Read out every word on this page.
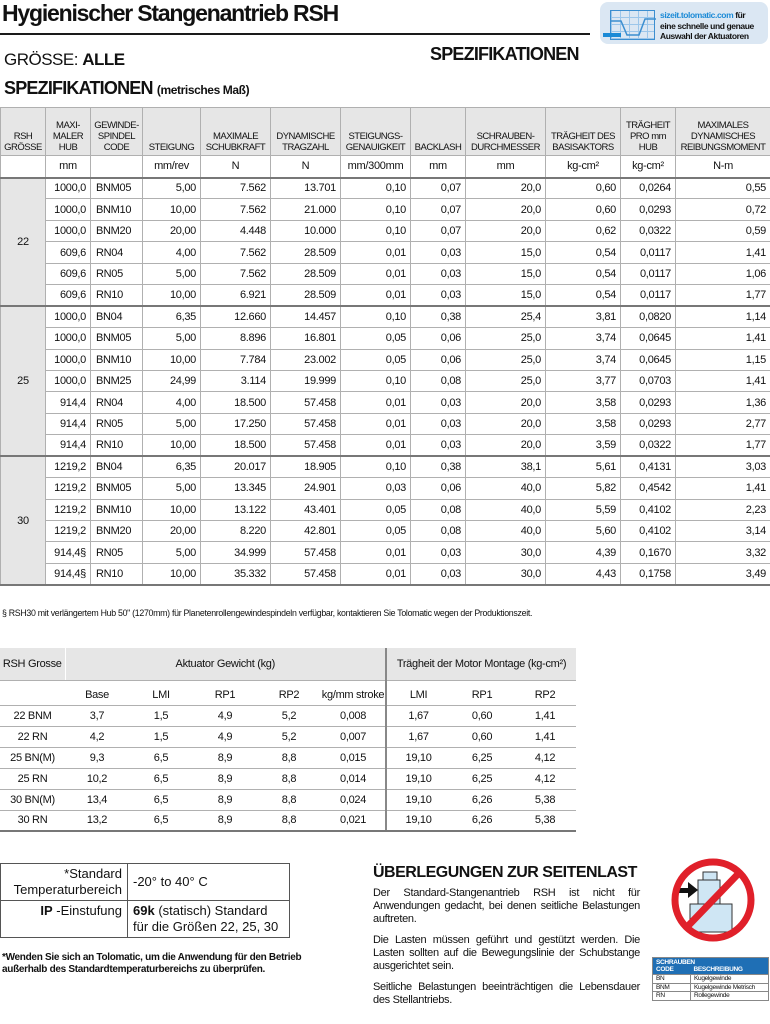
Hygienischer Stangenantrieb RSH	sizeit.tolomatic.com für
eine schnelle und genaue
Auswahl der Aktuatoren
GRÖSSE: ALLE	SPEZIFIKATIONEN
SPEZIFIKATIONEN (metrisches Maß)
RSH GRÖSSE	MAXI-MALER HUB	GEWINDE-SPINDEL CODE	STEIGUNG	MAXIMALE SCHUBKRAFT	DYNAMISCHE TRAGZAHL	STEIGUNGS-GENAUIGKEIT	BACKLASH	SCHRAUBEN-DURCHMESSER	TRÄGHEIT DES BASISAKTORS	TRÄGHEIT PRO mm HUB	MAXIMALES DYNAMISCHES REIBUNGSMOMENT
	mm		mm/rev	N	N	mm/300mm	mm	mm	kg-cm²	kg-cm²	N-m
22	1000,0	BNM05	5,00	7.562	13.701	0,10	0,07	20,0	0,60	0,0264	0,55
	1000,0	BNM10	10,00	7.562	21.000	0,10	0,07	20,0	0,60	0,0293	0,72
	1000,0	BNM20	20,00	4.448	10.000	0,10	0,07	20,0	0,62	0,0322	0,59
	609,6	RN04	4,00	7.562	28.509	0,01	0,03	15,0	0,54	0,0117	1,41
	609,6	RN05	5,00	7.562	28.509	0,01	0,03	15,0	0,54	0,0117	1,06
	609,6	RN10	10,00	6.921	28.509	0,01	0,03	15,0	0,54	0,0117	1,77
25	1000,0	BN04	6,35	12.660	14.457	0,10	0,38	25,4	3,81	0,0820	1,14
	1000,0	BNM05	5,00	8.896	16.801	0,05	0,06	25,0	3,74	0,0645	1,41
	1000,0	BNM10	10,00	7.784	23.002	0,05	0,06	25,0	3,74	0,0645	1,15
	1000,0	BNM25	24,99	3.114	19.999	0,10	0,08	25,0	3,77	0,0703	1,41
	914,4	RN04	4,00	18.500	57.458	0,01	0,03	20,0	3,58	0,0293	1,36
	914,4	RN05	5,00	17.250	57.458	0,01	0,03	20,0	3,58	0,0293	2,77
	914,4	RN10	10,00	18.500	57.458	0,01	0,03	20,0	3,59	0,0322	1,77
30	1219,2	BN04	6,35	20.017	18.905	0,10	0,38	38,1	5,61	0,4131	3,03
	1219,2	BNM05	5,00	13.345	24.901	0,03	0,06	40,0	5,82	0,4542	1,41
	1219,2	BNM10	10,00	13.122	43.401	0,05	0,08	40,0	5,59	0,4102	2,23
	1219,2	BNM20	20,00	8.220	42.801	0,05	0,08	40,0	5,60	0,4102	3,14
	914,4§	RN05	5,00	34.999	57.458	0,01	0,03	30,0	4,39	0,1670	3,32
	914,4§	RN10	10,00	35.332	57.458	0,01	0,03	30,0	4,43	0,1758	3,49
§ RSH30 mit verlängertem Hub 50" (1270mm) für Planetenrollengewindespindeln verfügbar, kontaktieren Sie Tolomatic wegen der Produktionszeit.
RSH Grosse	Aktuator Gewicht (kg)					Trägheit der Motor Montage (kg-cm²)		
	Base	LMI	RP1	RP2	kg/mm stroke	LMI	RP1	RP2
22 BNM	3,7	1,5	4,9	5,2	0,008	1,67	0,60	1,41
22 RN	4,2	1,5	4,9	5,2	0,007	1,67	0,60	1,41
25 BN(M)	9,3	6,5	8,9	8,8	0,015	19,10	6,25	4,12
25 RN	10,2	6,5	8,9	8,8	0,014	19,10	6,25	4,12
30 BN(M)	13,4	6,5	8,9	8,8	0,024	19,10	6,26	5,38
30 RN	13,2	6,5	8,9	8,8	0,021	19,10	6,26	5,38
*Standard
Temperaturbereich	-20° to 40° C
IP -Einstufung	69k (statisch) Standard
für die Größen 22, 25, 30
*Wenden Sie sich an Tolomatic, um die Anwendung für den Betrieb außerhalb des Standardtemperaturbereichs zu überprüfen.
ÜBERLEGUNGEN ZUR SEITENLAST

Der Standard-Stangenantrieb RSH ist nicht für Anwendungen gedacht, bei denen seitliche Belastungen auftreten.

Die Lasten müssen geführt und gestützt werden. Die Lasten sollten auf die Bewegungslinie der Schubstange ausgerichtet sein.

Seitliche Belastungen beeinträchtigen die Lebensdauer des Stellantriebs.

SCHRAUBEN CODE	BESCHREIBUNG
BN	Kugelgewinde
BNM	Kugelgewinde Metrisch
RN	Rollegewinde
